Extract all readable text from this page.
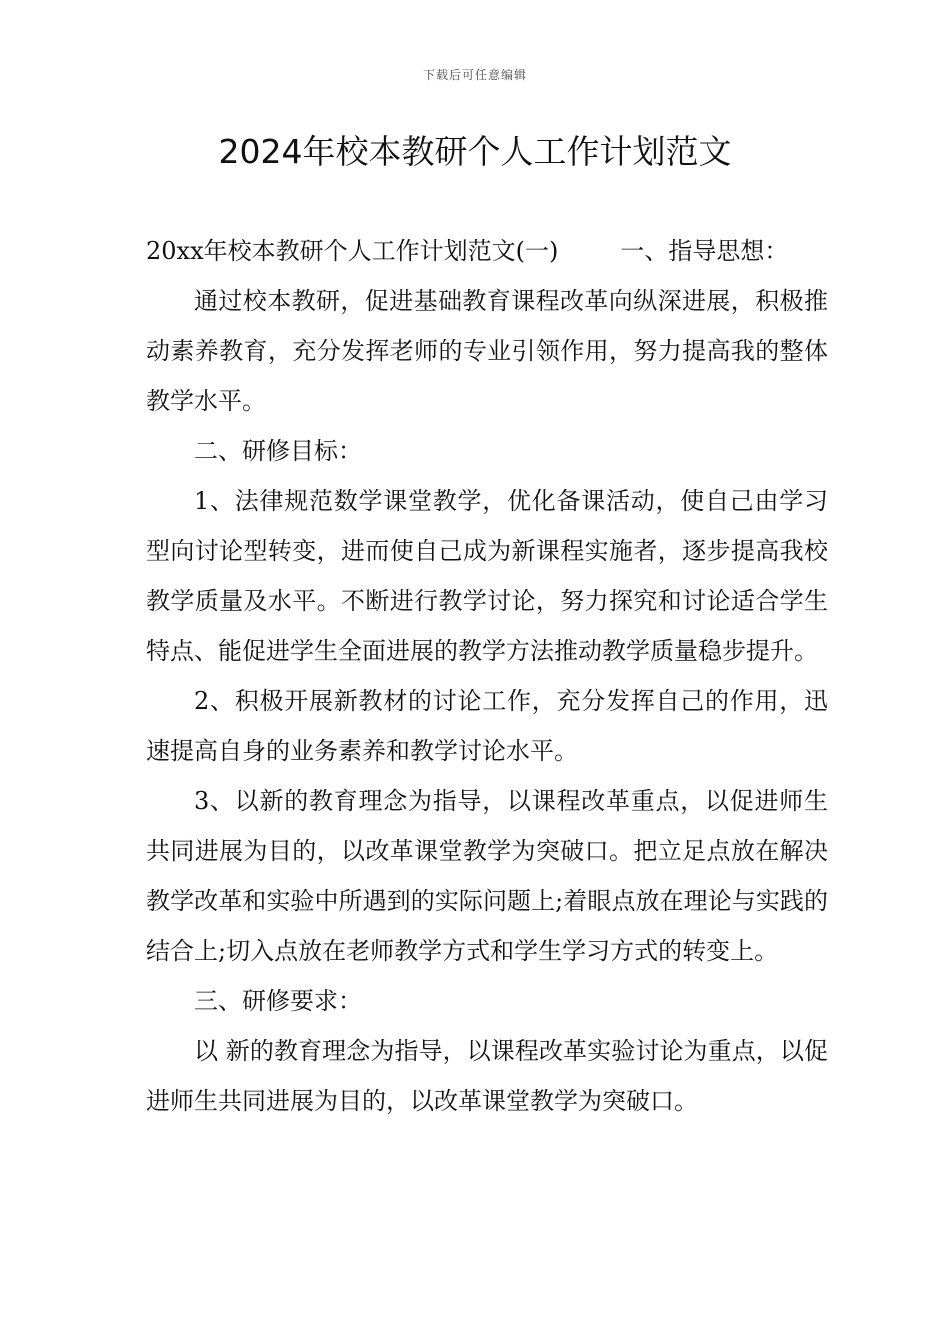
下载后可任意编辑
2024年校本教研个人工作计划范文

20xx年校本教研个人工作计划范文(一)	一、指导思想：

通过校本教研，促进基础教育课程改革向纵深进展，积极推动素养教育，充分发挥老师的专业引领作用，努力提高我的整体教学水平。

二、研修目标：

1、法律规范数学课堂教学，优化备课活动，使自己由学习型向讨论型转变，进而使自己成为新课程实施者，逐步提高我校教学质量及水平。不断进行教学讨论，努力探究和讨论适合学生特点、能促进学生全面进展的教学方法推动教学质量稳步提升。

2、积极开展新教材的讨论工作，充分发挥自己的作用，迅速提高自身的业务素养和教学讨论水平。

3、以新的教育理念为指导，以课程改革重点，以促进师生共同进展为目的，以改革课堂教学为突破口。把立足点放在解决教学改革和实验中所遇到的实际问题上;着眼点放在理论与实践的结合上;切入点放在老师教学方式和学生学习方式的转变上。

三、研修要求：

以 新的教育理念为指导，以课程改革实验讨论为重点，以促进师生共同进展为目的，以改革课堂教学为突破口。
